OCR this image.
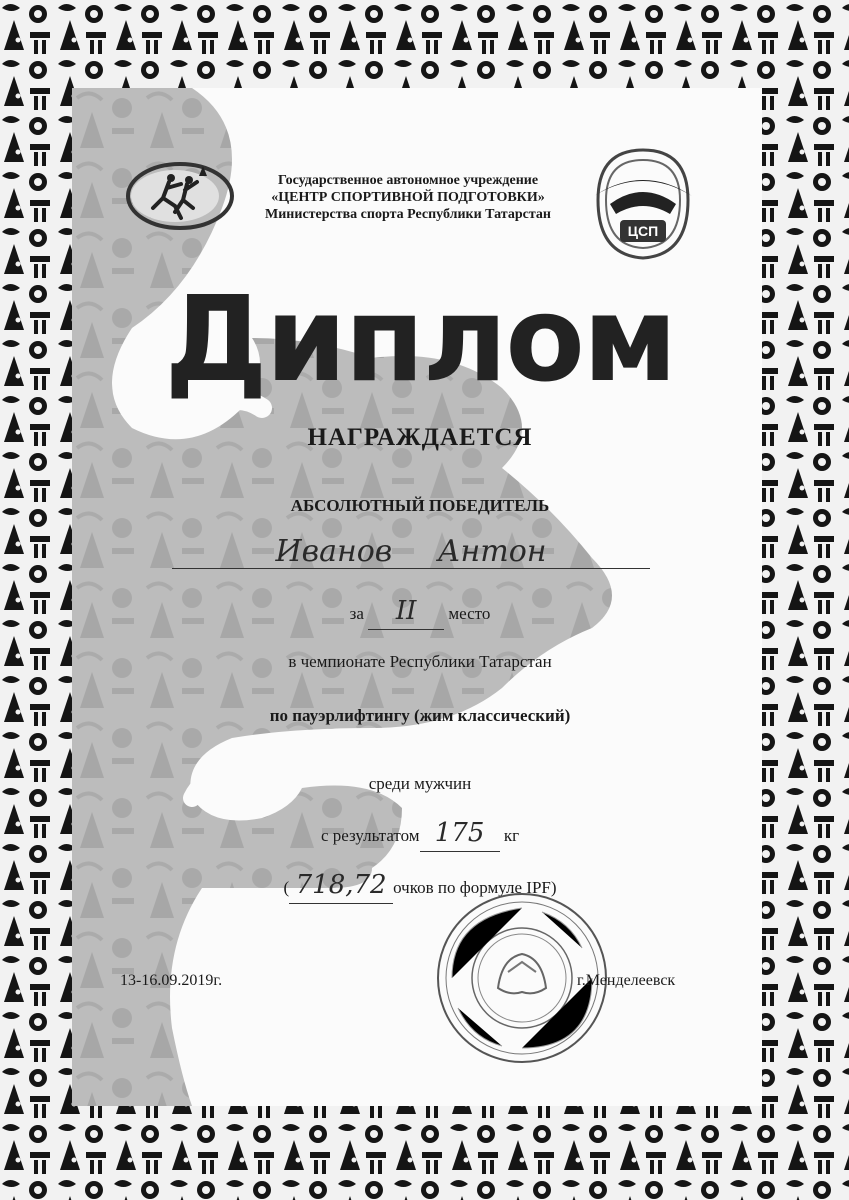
Государственное автономное учреждение
«ЦЕНТР СПОРТИВНОЙ ПОДГОТОВКИ»
Министерства спорта Республики Татарстан
ЦСП
Диплом
НАГРАЖДАЕТСЯ
АБСОЛЮТНЫЙ ПОБЕДИТЕЛЬ
Иванов Антон
за II место
в чемпионате Республики Татарстан
по пауэрлифтингу (жим классический)
среди мужчин
с результатом 175 кг
( 718,72 очков по формуле IPF)
13-16.09.2019г.	г.Менделеевск
